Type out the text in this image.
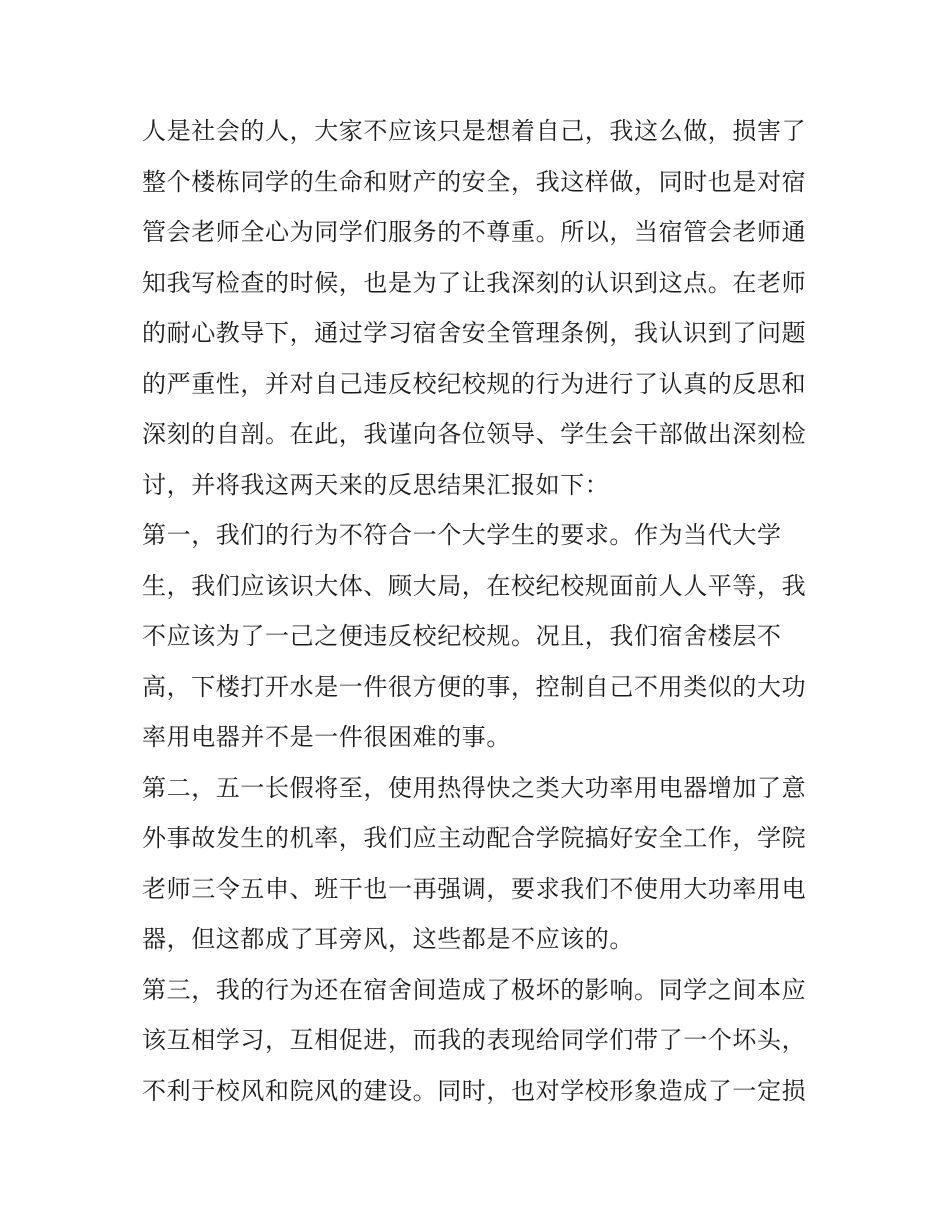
人是社会的人，大家不应该只是想着自己，我这么做，损害了
整个楼栋同学的生命和财产的安全，我这样做，同时也是对宿
管会老师全心为同学们服务的不尊重。所以，当宿管会老师通
知我写检查的时候，也是为了让我深刻的认识到这点。在老师
的耐心教导下，通过学习宿舍安全管理条例，我认识到了问题
的严重性，并对自己违反校纪校规的行为进行了认真的反思和
深刻的自剖。在此，我谨向各位领导、学生会干部做出深刻检
讨，并将我这两天来的反思结果汇报如下：
第一，我们的行为不符合一个大学生的要求。作为当代大学
生，我们应该识大体、顾大局，在校纪校规面前人人平等，我
不应该为了一己之便违反校纪校规。况且，我们宿舍楼层不
高，下楼打开水是一件很方便的事，控制自己不用类似的大功
率用电器并不是一件很困难的事。
第二，五一长假将至，使用热得快之类大功率用电器增加了意
外事故发生的机率，我们应主动配合学院搞好安全工作，学院
老师三令五申、班干也一再强调，要求我们不使用大功率用电
器，但这都成了耳旁风，这些都是不应该的。
第三，我的行为还在宿舍间造成了极坏的影响。同学之间本应
该互相学习，互相促进，而我的表现给同学们带了一个坏头，
不利于校风和院风的建设。同时，也对学校形象造成了一定损
